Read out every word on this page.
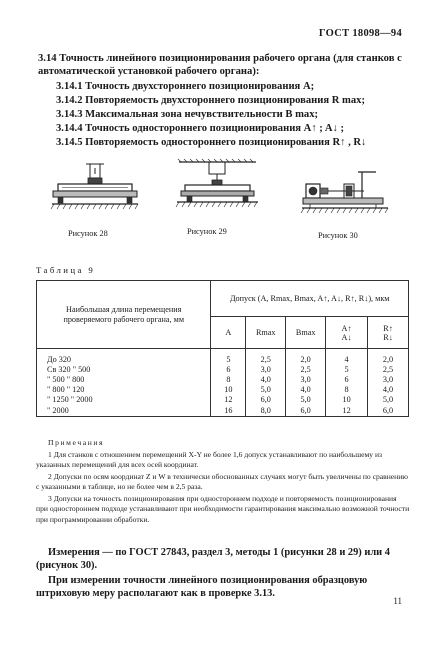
ГОСТ 18098—94
3.14 Точность линейного позиционирования рабочего органа (для станков с автоматической установкой рабочего органа):
3.14.1 Точность двухстороннего позиционирования A;
3.14.2 Повторяемость двухстороннего позиционирования R max;
3.14.3 Максимальная зона нечувствительности B max;
3.14.4 Точность одностороннего позиционирования A↑ ; A↓ ;
3.14.5 Повторяемость одностороннего позиционирования R↑ , R↓
Рисунок 28	Рисунок 29	Рисунок 30
Таблица 9
Наибольшая длина перемещения проверяемого рабочего органа, мм	Допуск (A, Rmax, Bmax, A↑, A↓, R↑, R↓), мкм				
	A	Rmax	Bmax	A↑ A↓	R↑ R↓

До 320	5	2,5	2,0	4	2,0
Св 320 " 500	6	3,0	2,5	5	2,5
" 500 " 800	8	4,0	3,0	6	3,0
" 800 " 120	10	5,0	4,0	8	4,0
" 1250 " 2000	12	6,0	5,0	10	5,0
" 2000	16	8,0	6,0	12	6,0
Примечания
1 Для станков с отношением перемещений X-Y не более 1,6 допуск устанавливают по наибольшему из указанных перемещений для всех осей координат.
2 Допуски по осям координат Z и W в технически обоснованных случаях могут быть увеличены по сравнению с указанными в таблице, но не более чем в 2,5 раза.
3 Допуски на точность позиционирования при одностороннем подходе и повторяемость позиционирования при одностороннем подходе устанавливают при необходимости гарантирования максимально возможной точности при программировании обработки.
Измерения — по ГОСТ 27843, раздел 3, методы 1 (рисунки 28 и 29) или 4 (рисунок 30).
При измерении точности линейного позиционирования образцовую штриховую меру располагают как в проверке 3.13.
11
